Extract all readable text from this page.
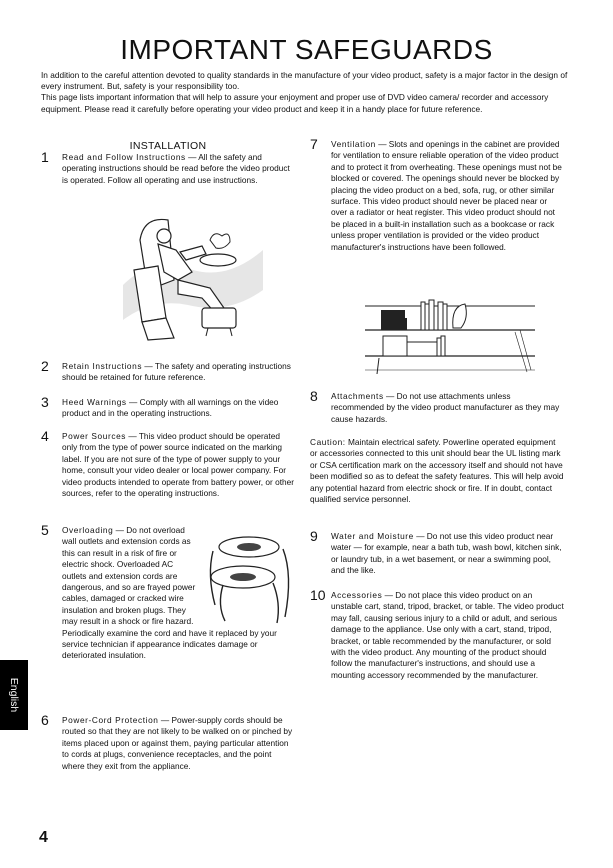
IMPORTANT SAFEGUARDS

In addition to the careful attention devoted to quality standards in the manufacture of your video product, safety is a major factor in the design of every instrument. But, safety is your responsibility too.

This page lists important information that will help to assure your enjoyment and proper use of DVD video camera/ recorder and accessory equipment. Please read it carefully before operating your video product and keep it in a handy place for future reference.

INSTALLATION
1 Read and Follow Instructions — All the safety and operating instructions should be read before the video product is operated. Follow all operating and use instructions.
2 Retain Instructions — The safety and operating instructions should be retained for future reference.
3 Heed Warnings — Comply with all warnings on the video product and in the operating instructions.
4 Power Sources — This video product should be operated only from the type of power source indicated on the marking label. If you are not sure of the type of power supply to your home, consult your video dealer or local power company. For video products intended to operate from battery power, or other sources, refer to the operating instructions.
5 Overloading — Do not overload wall outlets and extension cords as this can result in a risk of fire or electric shock. Overloaded AC outlets and extension cords are dangerous, and so are frayed power cables, damaged or cracked wire insulation and broken plugs. They may result in a shock or fire hazard. Periodically examine the cord and have it replaced by your service technician if appearance indicates damage or deteriorated insulation.
6 Power-Cord Protection — Power-supply cords should be routed so that they are not likely to be walked on or pinched by items placed upon or against them, paying particular attention to cords at plugs, convenience receptacles, and the point where they exit from the appliance.
7 Ventilation — Slots and openings in the cabinet are provided for ventilation to ensure reliable operation of the video product and to protect it from overheating. These openings must not be blocked or covered. The openings should never be blocked by placing the video product on a bed, sofa, rug, or other similar surface. This video product should never be placed near or over a radiator or heat register. This video product should not be placed in a built-in installation such as a bookcase or rack unless proper ventilation is provided or the video product manufacturer's instructions have been followed.
8 Attachments — Do not use attachments unless recommended by the video product manufacturer as they may cause hazards.
Caution: Maintain electrical safety. Powerline operated equipment or accessories connected to this unit should bear the UL listing mark or CSA certification mark on the accessory itself and should not have been modified so as to defeat the safety features. This will help avoid any potential hazard from electric shock or fire. If in doubt, contact qualified service personnel.
9 Water and Moisture — Do not use this video product near water — for example, near a bath tub, wash bowl, kitchen sink, or laundry tub, in a wet basement, or near a swimming pool, and the like.
10 Accessories — Do not place this video product on an unstable cart, stand, tripod, bracket, or table. The video product may fall, causing serious injury to a child or adult, and serious damage to the appliance. Use only with a cart, stand, tripod, bracket, or table recommended by the manufacturer, or sold with the video product. Any mounting of the product should follow the manufacturer's instructions, and should use a mounting accessory recommended by the manufacturer.
English
4
